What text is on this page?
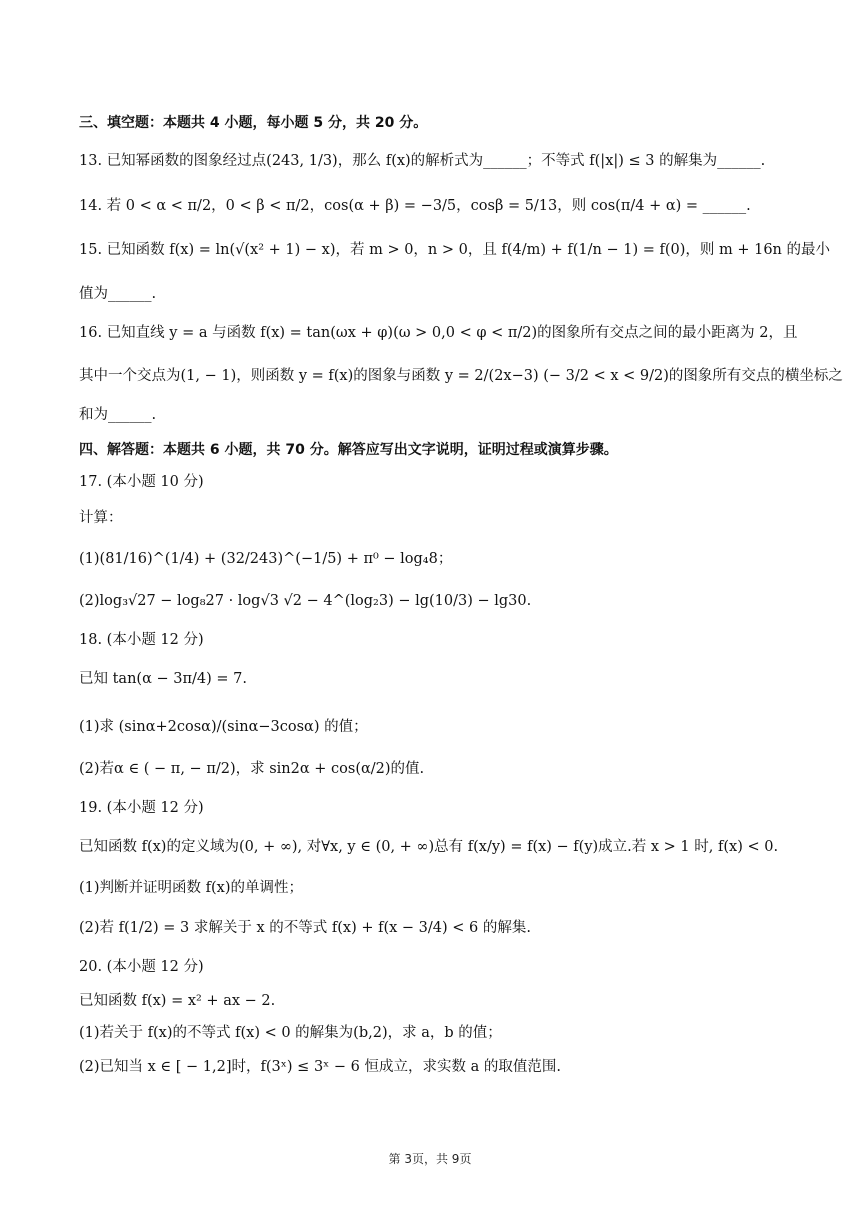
三、填空题：本题共 4 小题，每小题 5 分，共 20 分。
13. 已知幂函数的图象经过点(243, 1/3)，那么 f(x)的解析式为______；不等式 f(|x|) ≤ 3 的解集为______.
14. 若 0 < α < π/2，0 < β < π/2，cos(α + β) = −3/5，cosβ = 5/13，则 cos(π/4 + α) = ______.
15. 已知函数 f(x) = ln(√(x² + 1) − x)，若 m > 0，n > 0，且 f(4/m) + f(1/n − 1) = f(0)，则 m + 16n 的最小
值为______.
16. 已知直线 y = a 与函数 f(x) = tan(ωx + φ)(ω > 0,0 < φ < π/2)的图象所有交点之间的最小距离为 2，且
其中一个交点为(1, − 1)，则函数 y = f(x)的图象与函数 y = 2/(2x−3) (− 3/2 < x < 9/2)的图象所有交点的横坐标之
和为______.
四、解答题：本题共 6 小题，共 70 分。解答应写出文字说明，证明过程或演算步骤。
17. (本小题 10 分)
计算：
(1)(81/16)^(1/4) + (32/243)^(−1/5) + π⁰ − log₄8；
(2)log₃√27 − log₈27 · log√3 √2 − 4^(log₂3) − lg(10/3) − lg30.
18. (本小题 12 分)
已知 tan(α − 3π/4) = 7.
(1)求 (sinα+2cosα)/(sinα−3cosα) 的值；
(2)若α ∈ ( − π, − π/2)，求 sin2α + cos(α/2)的值.
19. (本小题 12 分)
已知函数 f(x)的定义域为(0, + ∞), 对∀x, y ∈ (0, + ∞)总有 f(x/y) = f(x) − f(y)成立.若 x > 1 时, f(x) < 0.
(1)判断并证明函数 f(x)的单调性；
(2)若 f(1/2) = 3 求解关于 x 的不等式 f(x) + f(x − 3/4) < 6 的解集.
20. (本小题 12 分)
已知函数 f(x) = x² + ax − 2.
(1)若关于 f(x)的不等式 f(x) < 0 的解集为(b,2)，求 a，b 的值；
(2)已知当 x ∈ [ − 1,2]时，f(3ˣ) ≤ 3ˣ − 6 恒成立，求实数 a 的取值范围.
第 3页，共 9页
